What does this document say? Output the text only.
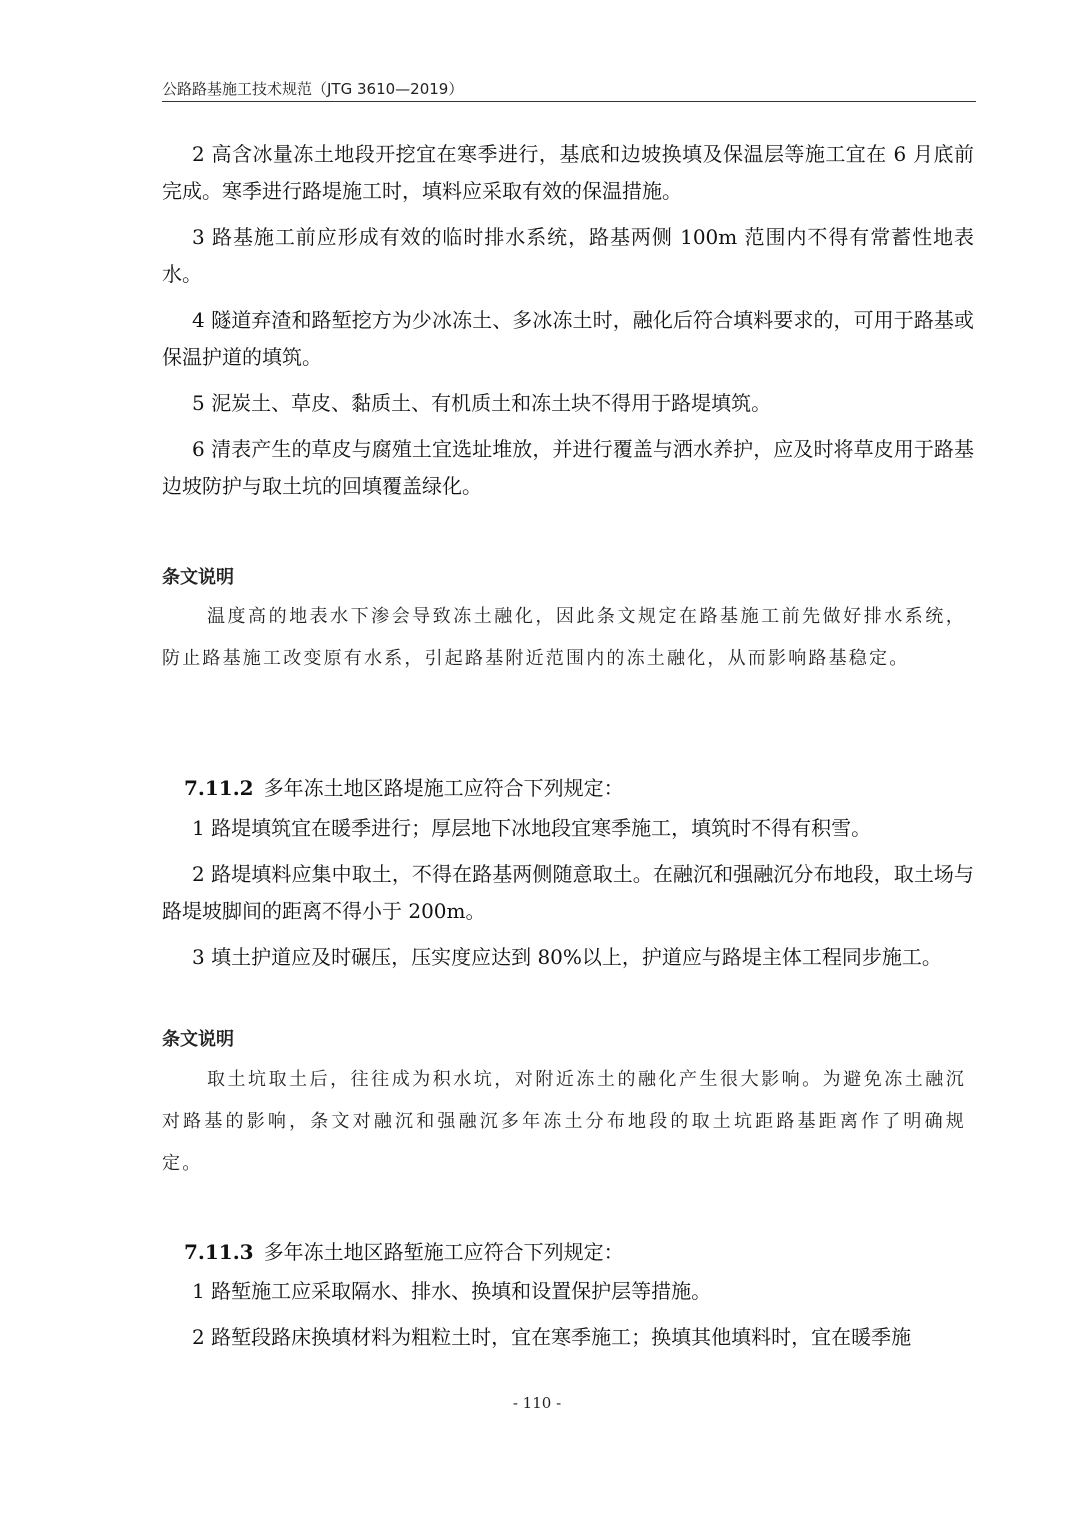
公路路基施工技术规范（JTG 3610—2019）

2 高含冰量冻土地段开挖宜在寒季进行，基底和边坡换填及保温层等施工宜在 6 月底前完成。寒季进行路堤施工时，填料应采取有效的保温措施。

3 路基施工前应形成有效的临时排水系统，路基两侧 100m 范围内不得有常蓄性地表水。

4 隧道弃渣和路堑挖方为少冰冻土、多冰冻土时，融化后符合填料要求的，可用于路基或保温护道的填筑。

5 泥炭土、草皮、黏质土、有机质土和冻土块不得用于路堤填筑。

6 清表产生的草皮与腐殖土宜选址堆放，并进行覆盖与洒水养护，应及时将草皮用于路基边坡防护与取土坑的回填覆盖绿化。

条文说明
温度高的地表水下渗会导致冻土融化，因此条文规定在路基施工前先做好排水系统，防止路基施工改变原有水系，引起路基附近范围内的冻土融化，从而影响路基稳定。
7.11.2 多年冻土地区路堤施工应符合下列规定：

1 路堤填筑宜在暖季进行；厚层地下冰地段宜寒季施工，填筑时不得有积雪。

2 路堤填料应集中取土，不得在路基两侧随意取土。在融沉和强融沉分布地段，取土场与路堤坡脚间的距离不得小于 200m。

3 填土护道应及时碾压，压实度应达到 80%以上，护道应与路堤主体工程同步施工。

条文说明
取土坑取土后，往往成为积水坑，对附近冻土的融化产生很大影响。为避免冻土融沉对路基的影响，条文对融沉和强融沉多年冻土分布地段的取土坑距路基距离作了明确规定。
7.11.3 多年冻土地区路堑施工应符合下列规定：

1 路堑施工应采取隔水、排水、换填和设置保护层等措施。

2 路堑段路床换填材料为粗粒土时，宜在寒季施工；换填其他填料时，宜在暖季施

- 110 -
